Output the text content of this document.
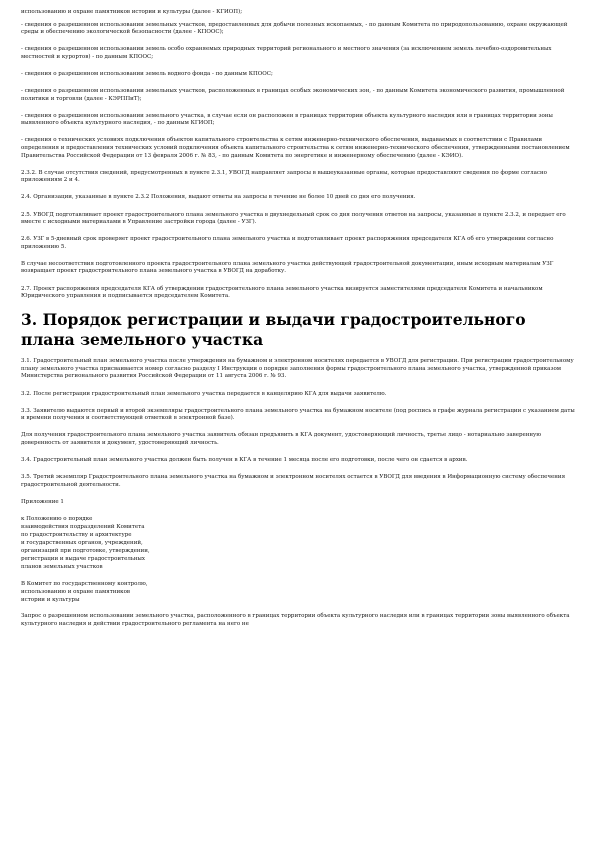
использованию и охране памятников истории и культуры (далее - КГИОП);

- сведения о разрешенном использовании земельных участков, предоставленных для добычи полезных ископаемых, - по данным Комитета по природопользованию, охране окружающей среды и обеспечению экологической безопасности (далее - КПООС);

- сведения о разрешенном использовании земель особо охраняемых природных территорий регионального и местного значения (за исключением земель лечебно-оздоровительных местностей и курортов) - по данным КПООС;

- сведения о разрешенном использовании земель водного фонда - по данным КПООС;

- сведения о разрешенном использовании земельных участков, расположенных в границах особых экономических зон, - по данным Комитета экономического развития, промышленной политики и торговли (далее - КЭРППиТ);

- сведения о разрешенном использовании земельного участка, в случае если он расположен в границах территории объекта культурного наследия или в границах территории зоны выявленного объекта культурного наследия, - по данным КГИОП;

- сведения о технических условиях подключения объектов капитального строительства к сетям инженерно-технического обеспечения, выдаваемых в соответствии с Правилами определения и предоставления технических условий подключения объекта капитального строительства к сетям инженерно-технического обеспечения, утвержденными постановлением Правительства Российской Федерации от 13 февраля 2006 г. № 83, - по данным Комитета по энергетике и инженерному обеспечению (далее - КЭИО).

2.3.2. В случае отсутствия сведений, предусмотренных в пункте 2.3.1, УВОГД направляет запросы в вышеуказанные органы, которые предоставляют сведения по форме согласно приложениям 2 и 4.

2.4. Организации, указанные в пункте 2.3.2 Положения, выдают ответы на запросы в течение не более 10 дней со дня его получения.

2.5. УВОГД подготавливает проект градостроительного плана земельного участка в двухнедельный срок со дня получения ответов на запросы, указанные в пункте 2.3.2, и передает его вместе с исходными материалами в Управление застройки города (далее - УЗГ).

2.6. УЗГ в 5-дневный срок проверяет проект градостроительного плана земельного участка и подготавливает проект распоряжения председателя КГА об его утверждении согласно приложению 5.

В случае несоответствия подготовленного проекта градостроительного плана земельного участка действующей градостроительной документации, иным исходным материалам УЗГ возвращает проект градостроительного плана земельного участка в УВОГД на доработку.

2.7. Проект распоряжения председателя КГА об утверждении градостроительного плана земельного участка визируется заместителями председателя Комитета и начальником Юридического управления и подписывается председателем Комитета.

3. Порядок регистрации и выдачи градостроительного плана земельного участка

3.1. Градостроительный план земельного участка после утверждения на бумажном и электронном носителях передается в УВОГД для регистрации. При регистрации градостроительному плану земельного участка присваивается номер согласно разделу I Инструкции о порядке заполнения формы градостроительного плана земельного участка, утвержденной приказом Министерства регионального развития Российской Федерации от 11 августа 2006 г. № 93.

3.2. После регистрации градостроительный план земельного участка передается в канцелярию КГА для выдачи заявителю.

3.3. Заявителю выдаются первый и второй экземпляры градостроительного плана земельного участка на бумажном носителе (под роспись в графе журнала регистрации с указанием даты и времени получения и соответствующей отметкой в электронной базе).

Для получения градостроительного плана земельного участка заявитель обязан предъявить в КГА документ, удостоверяющий личность, третье лицо - нотариально заверенную доверенность от заявителя и документ, удостоверяющий личность.

3.4. Градостроительный план земельного участка должен быть получен в КГА в течение 1 месяца после его подготовки, после чего он сдается в архив.

3.5. Третий экземпляр Градостроительного плана земельного участка на бумажном и электронном носителях остается в УВОГД для введения в Информационную систему обеспечения градостроительной деятельности.

Приложение 1

к Положению о порядке
взаимодействия подразделений Комитета
по градостроительству и архитектуре
и государственных органов, учреждений,
организаций при подготовке, утверждении,
регистрации и выдаче градостроительных
планов земельных участков
В Комитет по государственному контролю,
использованию и охране памятников
истории и культуры

Запрос о разрешенном использовании земельного участка, расположенного в границах территории объекта культурного наследия или в границах территории зоны выявленного объекта культурного наследия и действии градостроительного регламента на него не
